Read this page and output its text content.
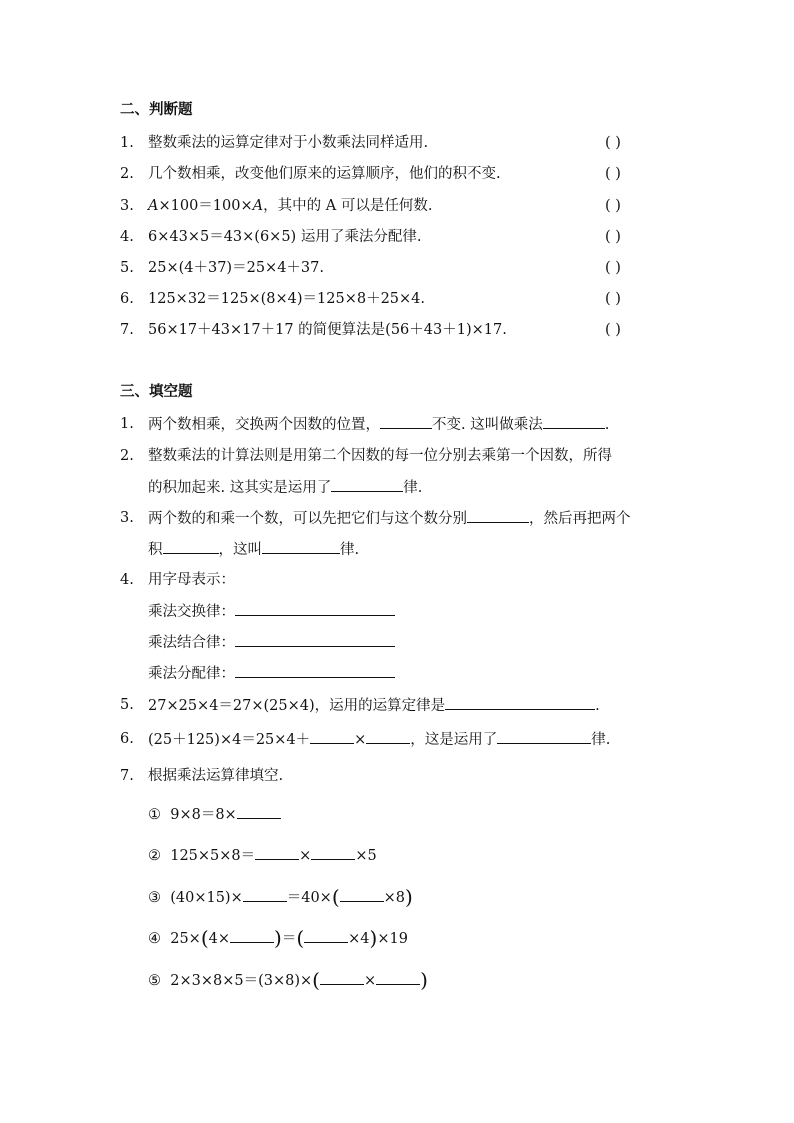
二、判断题
1. 整数乘法的运算定律对于小数乘法同样适用.	( )
2. 几个数相乘，改变他们原来的运算顺序，他们的积不变.	( )
3. A×100＝100×A，其中的 A 可以是任何数.	( )
4. 6×43×5＝43×(6×5) 运用了乘法分配律.	( )
5. 25×(4＋37)＝25×4＋37.	( )
6. 125×32＝125×(8×4)＝125×8＋25×4.	( )
7. 56×17＋43×17＋17 的简便算法是(56＋43＋1)×17.	( )
三、填空题
1. 两个数相乘，交换两个因数的位置，	不变. 这叫做乘法	.
2. 整数乘法的计算法则是用第二个因数的每一位分别去乘第一个因数，所得
的积加起来. 这其实是运用了	律.
3. 两个数的和乘一个数，可以先把它们与这个数分别	，然后再把两个
积	，这叫	律.
4. 用字母表示：
乘法交换律：
乘法结合律：
乘法分配律：
5. 27×25×4＝27×(25×4)，运用的运算定律是	.
6. (25＋125)×4＝25×4＋	×	，这是运用了	律.
7. 根据乘法运算律填空.
① 9×8＝8×
② 125×5×8＝	×	×5
③ (40×15)×	＝40×(	×8)
④ 25×(4× )＝(	×4)×19
⑤ 2×3×8×5＝(3×8)×(	× )
